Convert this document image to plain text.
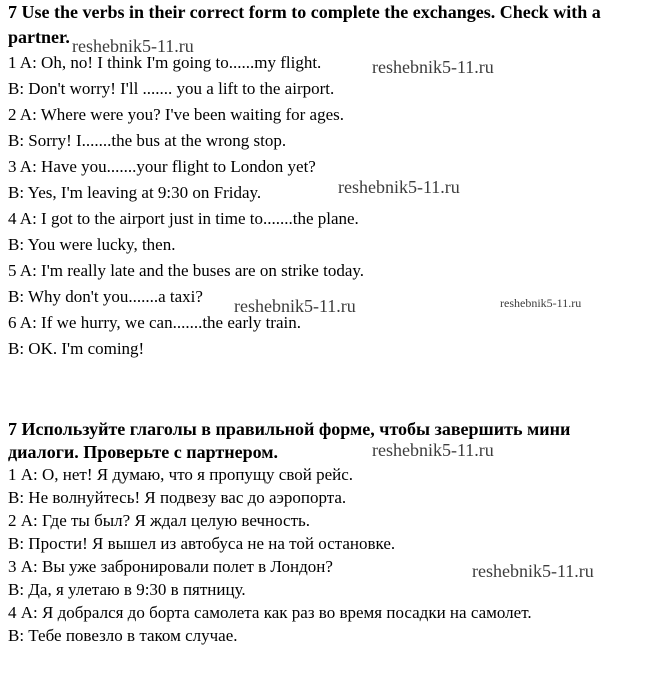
7 Use the verbs in their correct form to complete the exchanges. Check with a
partner.
1 A: Oh, no! I think I'm going to......my flight.
B: Don't worry! I'll ....... you a lift to the airport.
2 A: Where were you? I've been waiting for ages.
B: Sorry! I.......the bus at the wrong stop.
3 A: Have you.......your flight to London yet?
B: Yes, I'm leaving at 9:30 on Friday.
4 A: I got to the airport just in time to.......the plane.
B: You were lucky, then.
5 A: I'm really late and the buses are on strike today.
B: Why don't you.......a taxi?
6 A: If we hurry, we can.......the early train.
B: OK. I'm coming!
7 Используйте глаголы в правильной форме, чтобы завершить мини
диалоги. Проверьте с партнером.
1 А: О, нет! Я думаю, что я пропущу свой рейс.
В: Не волнуйтесь! Я подвезу вас до аэропорта.
2 А: Где ты был? Я ждал целую вечность.
В: Прости! Я вышел из автобуса не на той остановке.
3 А: Вы уже забронировали полет в Лондон?
В: Да, я улетаю в 9:30 в пятницу.
4 А: Я добрался до борта самолета как раз во время посадки на самолет.
В: Тебе повезло в таком случае.
reshebnik5-11.ru
reshebnik5-11.ru
reshebnik5-11.ru
reshebnik5-11.ru	reshebnik5-11.ru
reshebnik5-11.ru
reshebnik5-11.ru
